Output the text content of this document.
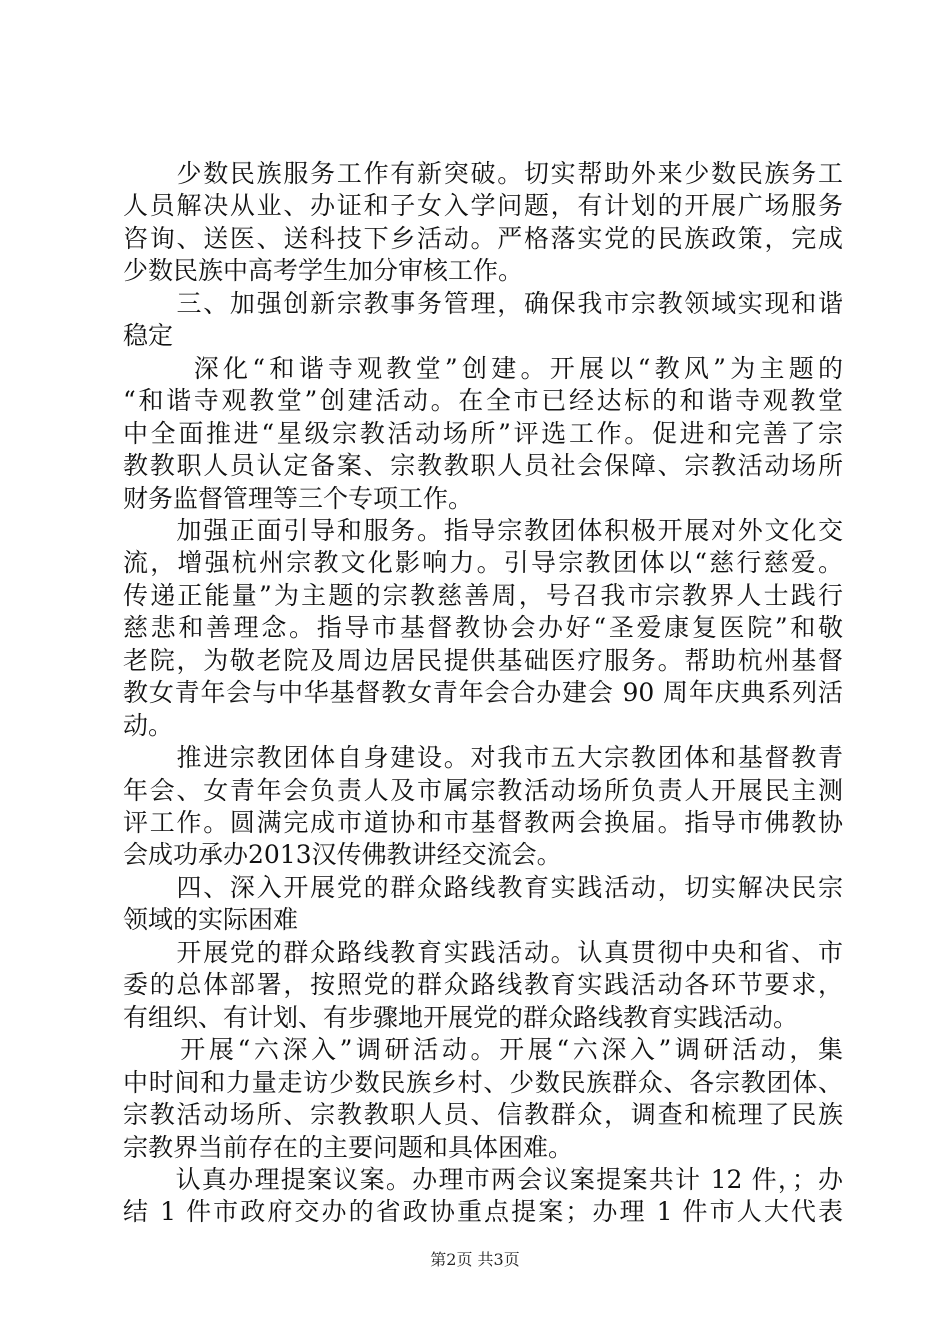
　　少数民族服务工作有新突破。切实帮助外来少数民族务工
人员解决从业、办证和子女入学问题，有计划的开展广场服务
咨询、送医、送科技下乡活动。严格落实党的民族政策，完成
少数民族中高考学生加分审核工作。
　　三、加强创新宗教事务管理，确保我市宗教领域实现和谐
稳定
　　 深化“和谐寺观教堂”创建。开展以“教风”为主题的
“和谐寺观教堂”创建活动。在全市已经达标的和谐寺观教堂
中全面推进“星级宗教活动场所”评选工作。促进和完善了宗
教教职人员认定备案、宗教教职人员社会保障、宗教活动场所
财务监督管理等三个专项工作。
　　加强正面引导和服务。指导宗教团体积极开展对外文化交
流，增强杭州宗教文化影响力。引导宗教团体以“慈行慈爱。
传递正能量”为主题的宗教慈善周，号召我市宗教界人士践行
慈悲和善理念。指导市基督教协会办好“圣爱康复医院”和敬
老院，为敬老院及周边居民提供基础医疗服务。帮助杭州基督
教女青年会与中华基督教女青年会合办建会 90 周年庆典系列活
动。
　　推进宗教团体自身建设。对我市五大宗教团体和基督教青
年会、女青年会负责人及市属宗教活动场所负责人开展民主测
评工作。圆满完成市道协和市基督教两会换届。指导市佛教协
会成功承办2013汉传佛教讲经交流会。
　　四、深入开展党的群众路线教育实践活动，切实解决民宗
领域的实际困难
　　开展党的群众路线教育实践活动。认真贯彻中央和省、市
委的总体部署，按照党的群众路线教育实践活动各环节要求，
有组织、有计划、有步骤地开展党的群众路线教育实践活动。
　　开展“六深入”调研活动。开展“六深入”调研活动，集
中时间和力量走访少数民族乡村、少数民族群众、各宗教团体、
宗教活动场所、宗教教职人员、信教群众，调查和梳理了民族
宗教界当前存在的主要问题和具体困难。
　　认真办理提案议案。办理市两会议案提案共计 12 件，；办
结 1 件市政府交办的省政协重点提案；办理 1 件市人大代表
第2页 共3页
